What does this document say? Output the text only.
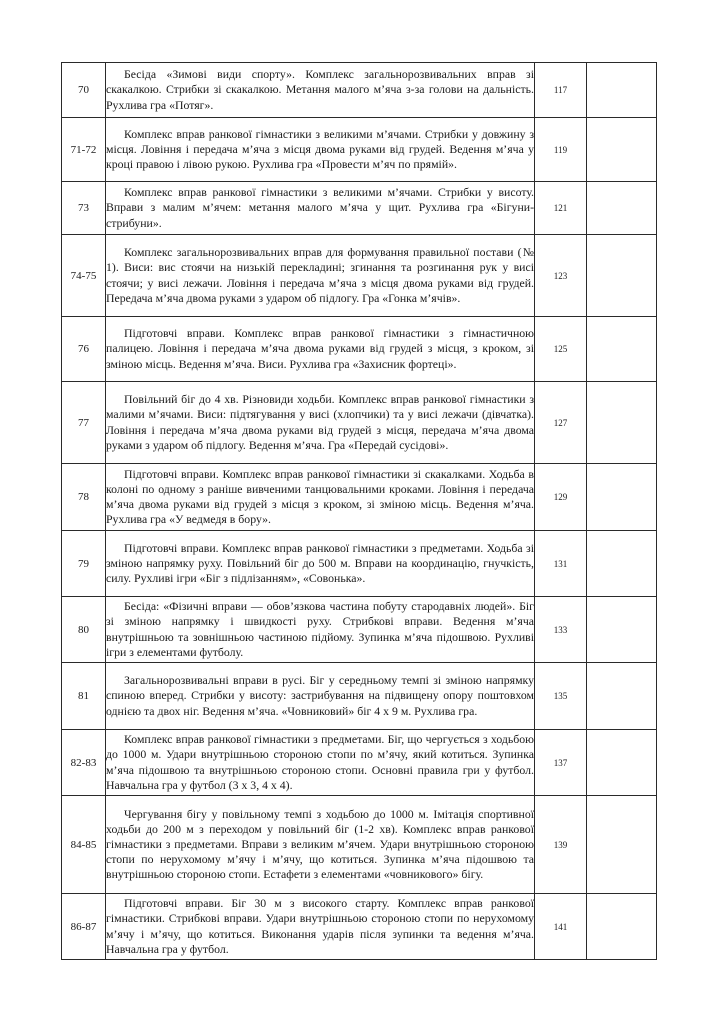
70	Бесіда «Зимові види спорту». Комплекс загальнорозвивальних вправ зі скакалкою. Стрибки зі скакалкою. Метання малого м’яча з-за голови на дальність. Рухлива гра «Потяг».	117	
71-72	Комплекс вправ ранкової гімнастики з великими м’ячами. Стрибки у довжину з місця. Ловіння і передача м’яча з місця двома руками від грудей. Ведення м’яча у кроці правою і лівою рукою. Рухлива гра «Провести м’яч по прямій».	119	
73	Комплекс вправ ранкової гімнастики з великими м’ячами. Стрибки у висоту. Вправи з малим м’ячем: метання малого м’яча у щит. Рухлива гра «Бігуни-стрибуни».	121	
74-75	Комплекс загальнорозвивальних вправ для формування правильної постави (№ 1). Виси: вис стоячи на низькій перекладині; згинання та розгинання рук у висі стоячи; у висі лежачи. Ловіння і передача м’яча з місця двома руками від грудей. Передача м’яча двома руками з ударом об підлогу. Гра «Гонка м’ячів».	123	
76	Підготовчі вправи. Комплекс вправ ранкової гімнастики з гімнастичною палицею. Ловіння і передача м’яча двома руками від грудей з місця, з кроком, зі зміною місць. Ведення м’яча. Виси. Рухлива гра «Захисник фортеці».	125	
77	Повільний біг до 4 хв. Різновиди ходьби. Комплекс вправ ранкової гімнастики з малими м’ячами. Виси: підтягування у висі (хлопчики) та у висі лежачи (дівчатка). Ловіння і передача м’яча двома руками від грудей з місця, передача м’яча двома руками з ударом об підлогу. Ведення м’яча. Гра «Передай сусідові».	127	
78	Підготовчі вправи. Комплекс вправ ранкової гімнастики зі скакалками. Ходьба в колоні по одному з раніше вивченими танцювальними кроками. Ловіння і передача м’яча двома руками від грудей з місця з кроком, зі зміною місць. Ведення м’яча. Рухлива гра «У ведмедя в бору».	129	
79	Підготовчі вправи. Комплекс вправ ранкової гімнастики з предметами. Ходьба зі зміною напрямку руху. Повільний біг до 500 м. Вправи на координацію, гнучкість, силу. Рухливі ігри «Біг з підлізанням», «Совонька».	131	
80	Бесіда: «Фізичні вправи — обов’язкова частина побуту стародавніх людей». Біг зі зміною напрямку і швидкості руху. Стрибкові вправи. Ведення м’яча внутрішньою та зовнішньою частиною підйому. Зупинка м’яча підошвою. Рухливі ігри з елементами футболу.	133	
81	Загальнорозвивальні вправи в русі. Біг у середньому темпі зі зміною напрямку спиною вперед. Стрибки у висоту: застрибування на підвищену опору поштовхом однією та двох ніг. Ведення м’яча. «Човниковий» біг 4 х 9 м. Рухлива гра.	135	
82-83	Комплекс вправ ранкової гімнастики з предметами. Біг, що чергується з ходьбою до 1000 м. Удари внутрішньою стороною стопи по м’ячу, який котиться. Зупинка м’яча підошвою та внутрішньою стороною стопи. Основні правила гри у футбол. Навчальна гра у футбол (3 х 3, 4 х 4).	137	
84-85	Чергування бігу у повільному темпі з ходьбою до 1000 м. Імітація спортивної ходьби до 200 м з переходом у повільний біг (1-2 хв). Комплекс вправ ранкової гімнастики з предметами. Вправи з великим м’ячем. Удари внутрішньою стороною стопи по нерухомому м’ячу і м’ячу, що котиться. Зупинка м’яча підошвою та внутрішньою стороною стопи. Естафети з елементами «човникового» бігу.	139	
86-87	Підготовчі вправи. Біг 30 м з високого старту. Комплекс вправ ранкової гімнастики. Стрибкові вправи. Удари внутрішньою стороною стопи по нерухомому м’ячу і м’ячу, що котиться. Виконання ударів після зупинки та ведення м’яча. Навчальна гра у футбол.	141	
